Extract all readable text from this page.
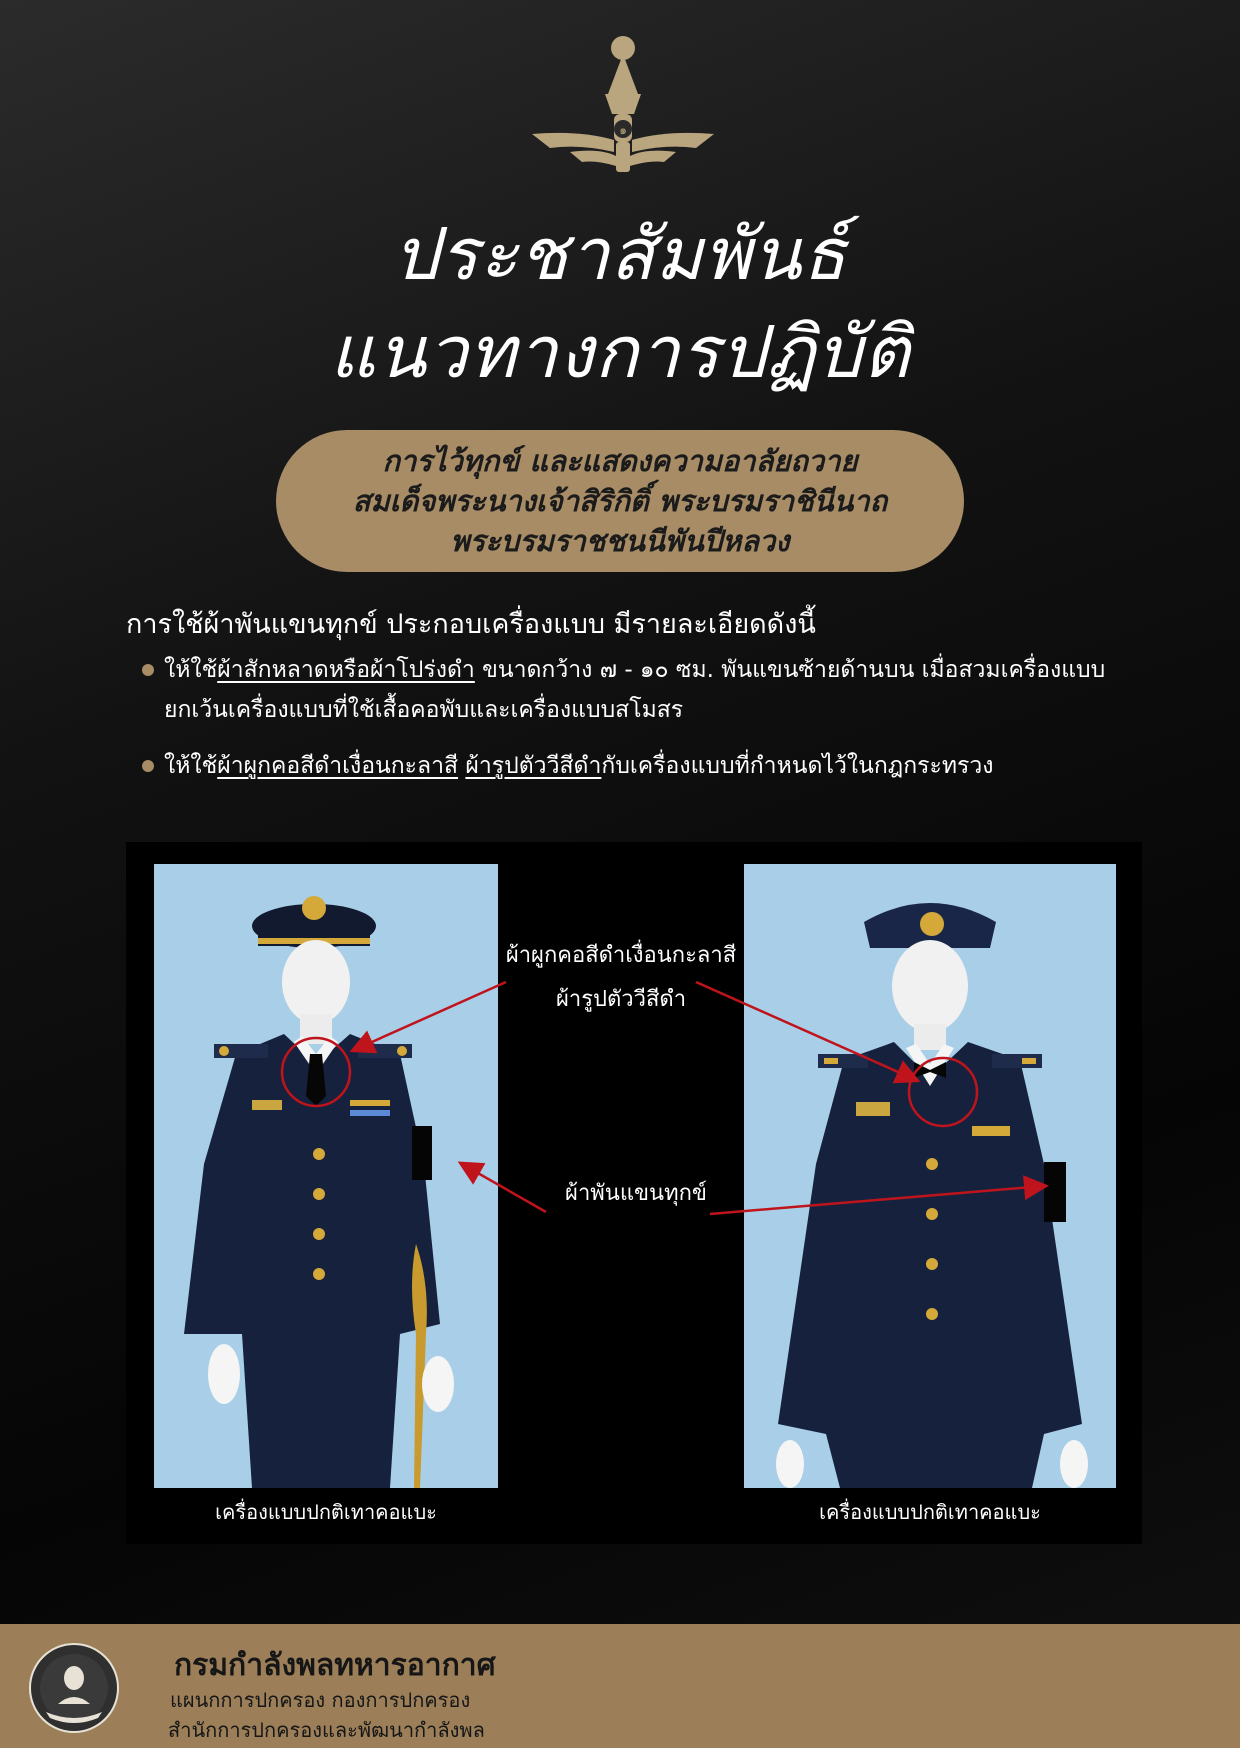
๑
ประชาสัมพันธ์
แนวทางการปฏิบัติ
การไว้ทุกข์ และแสดงความอาลัยถวาย
สมเด็จพระนางเจ้าสิริกิติ์ พระบรมราชินีนาถ
พระบรมราชชนนีพันปีหลวง
การใช้ผ้าพันแขนทุกข์ ประกอบเครื่องแบบ มีรายละเอียดดังนี้
ให้ใช้ผ้าสักหลาดหรือผ้าโปร่งดำ ขนาดกว้าง ๗ - ๑๐ ซม. พันแขนซ้ายด้านบน เมื่อสวมเครื่องแบบ
ยกเว้นเครื่องแบบที่ใช้เสื้อคอพับและเครื่องแบบสโมสร
ให้ใช้ผ้าผูกคอสีดำเงื่อนกะลาสี ผ้ารูปตัววีสีดำกับเครื่องแบบที่กำหนดไว้ในกฎกระทรวง
ผ้าผูกคอสีดำเงื่อนกะลาสี
ผ้ารูปตัววีสีดำ
ผ้าพันแขนทุกข์
เครื่องแบบปกติเทาคอแบะ	เครื่องแบบปกติเทาคอแบะ
กรมกำลังพลทหารอากาศ
แผนกการปกครอง กองการปกครอง
สำนักการปกครองและพัฒนากำลังพล
